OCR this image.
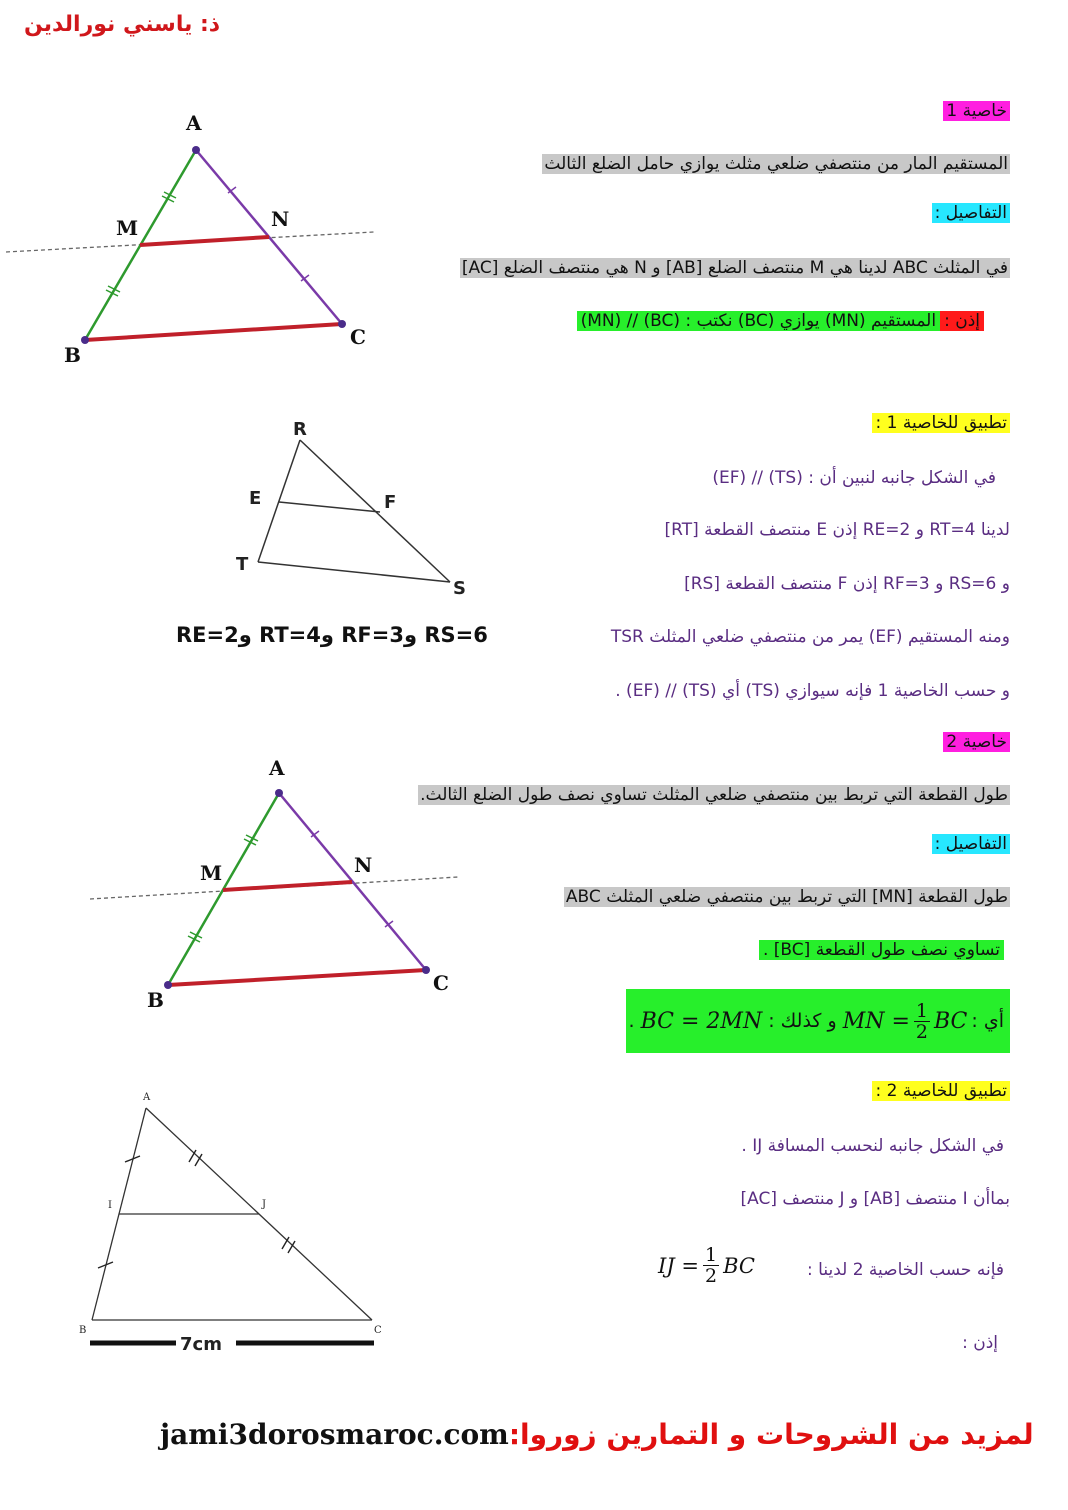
ذ: ياسني نورالدين
A
B
C
M	N
R
E	F
T
S
A
B
C
M	N
7cm
A
B	C
I	J
خاصية 1
المستقيم المار من منتصفي ضلعي مثلث يوازي حامل الضلع الثالث
التفاصيل :
في المثلث ABC لدينا هي M منتصف الضلع [AB] و N هي منتصف الضلع [AC]
إذن :المستقيم (MN) يوازي (BC) نكتب : (BC) // (MN)
تطبيق للخاصية 1 :
في الشكل جانبه لنبين أن : (TS) // (EF)
لدينا RT=4 و RE=2 إذن E منتصف القطعة [RT]
و RS=6 و RF=3 إذن F منتصف القطعة [RS]
ومنه المستقيم (EF) يمر من منتصفي ضلعي المثلث TSR
و حسب الخاصية 1 فإنه سيوازي (TS) أي (TS) // (EF) .
RS=6 وRF=3 وRT=4 وRE=2
خاصية 2
طول القطعة التي تربط بين منتصفي ضلعي المثلث تساوي نصف طول الضلع الثالث.
التفاصيل :
طول القطعة [MN] التي تربط بين منتصفي ضلعي المثلث ABC
تساوي نصف طول القطعة [BC] .
أي :
MN = $\frac{1}{2}$ BC
و كذلك :
BC = 2MN
.
تطبيق للخاصية 2 :
في الشكل جانبه لنحسب المسافة IJ .
بماأن I منتصف [AB] و J منتصف [AC]
فإنه حسب الخاصية 2 لدينا :
IJ = $\frac{1}{2}$ BC
إذن :
لمزيد من الشروحات و التمارين زوروا:jami3dorosmaroc.com
